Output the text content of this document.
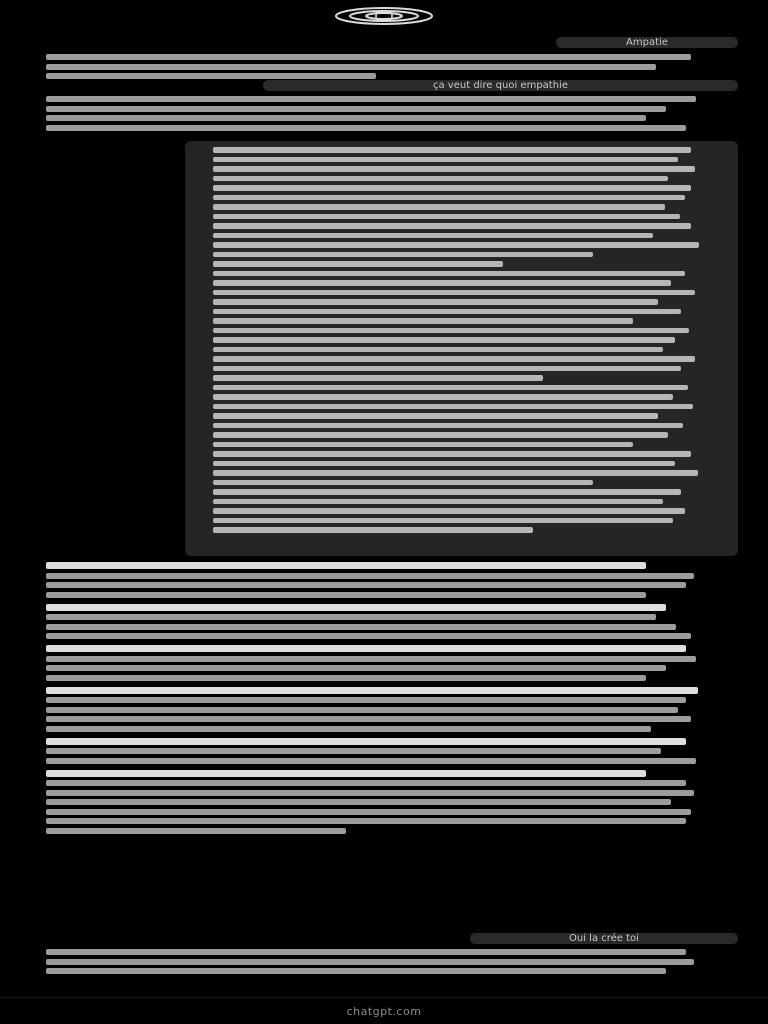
Ampatie
ça veut dire quoi empathie
Oui la crée toi
chatgpt.com
